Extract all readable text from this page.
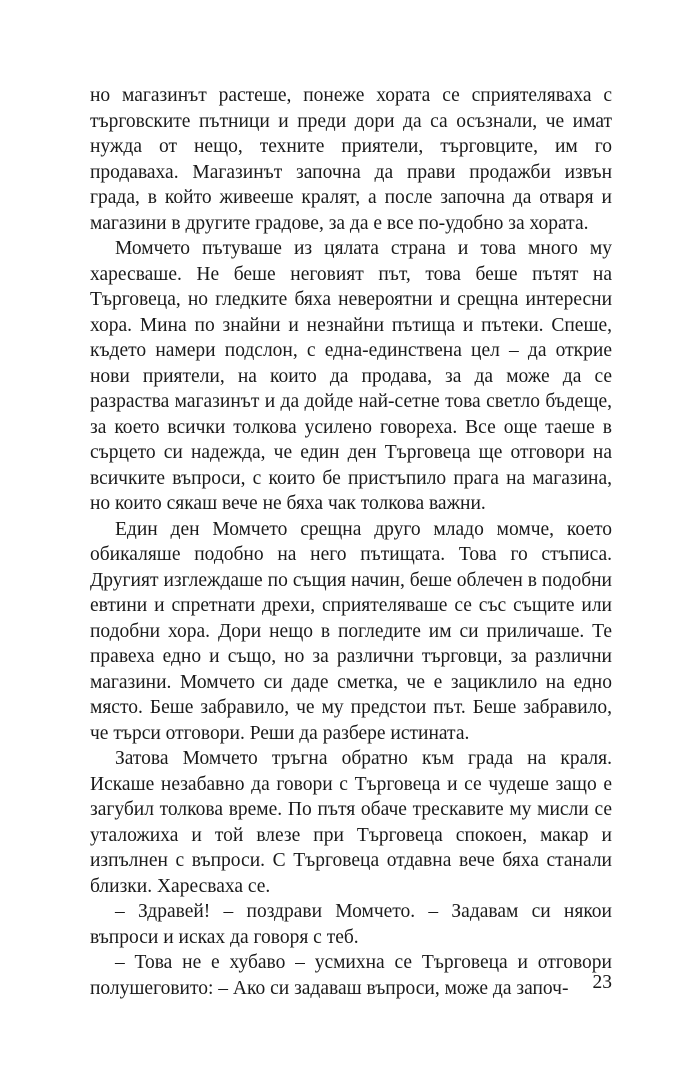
но магазинът растеше, понеже хората се сприятеляваха с търговските пътници и преди дори да са осъзнали, че имат нужда от нещо, техните приятели, търговците, им го продаваха. Магазинът започна да прави продажби извън града, в който живееше кралят, а после започна да отваря и магазини в другите градове, за да е все по-удобно за хората.

Момчето пътуваше из цялата страна и това много му харесваше. Не беше неговият път, това беше пътят на Търговеца, но гледките бяха невероятни и срещна интересни хора. Мина по знайни и незнайни пътища и пътеки. Спеше, където намери подслон, с една-единствена цел – да открие нови приятели, на които да продава, за да може да се разраства магазинът и да дойде най-сетне това светло бъдеще, за което всички толкова усилено говореха. Все още таеше в сърцето си надежда, че един ден Търговеца ще отговори на всичките въпроси, с които бе пристъпило прага на магазина, но които сякаш вече не бяха чак толкова важни.

Един ден Момчето срещна друго младо момче, което обикаляше подобно на него пътищата. Това го стъписа. Другият изглеждаше по същия начин, беше облечен в подобни евтини и спретнати дрехи, сприятеляваше се със същите или подобни хора. Дори нещо в погледите им си приличаше. Те правеха едно и също, но за различни търговци, за различни магазини. Момчето си даде сметка, че е зациклило на едно място. Беше забравило, че му предстои път. Беше забравило, че търси отговори. Реши да разбере истината.

Затова Момчето тръгна обратно към града на краля. Искаше незабавно да говори с Търговеца и се чудеше защо е загубил толкова време. По пътя обаче трескавите му мисли се уталожиха и той влезе при Търговеца спокоен, макар и изпълнен с въпроси. С Търговеца отдавна вече бяха станали близки. Харесваха се.

– Здравей! – поздрави Момчето. – Задавам си някои въпроси и исках да говоря с теб.

– Това не е хубаво – усмихна се Търговеца и отговори полушеговито: – Ако си задаваш въпроси, може да започ-	23
